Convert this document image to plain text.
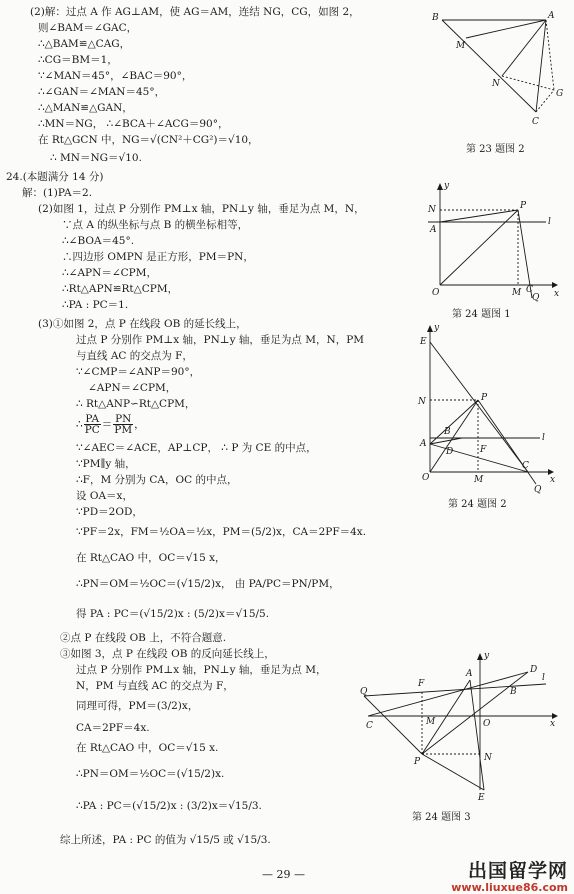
(2)解：过点 A 作 AG⊥AM，使 AG＝AM，连结 NG，CG，如图 2，
则∠BAM＝∠GAC，
∴△BAM≌△CAG，
∴CG＝BM＝1，
∵∠MAN＝45°，∠BAC＝90°，
∴∠GAN＝∠MAN＝45°，
∴△MAN≌△GAN，
∴MN＝NG， ∴∠BCA＋∠ACG＝90°，
在 Rt△GCN 中，NG＝√(CN²＋CG²)＝√10，
∴ MN＝NG＝√10.
B	A
M
N
C
G
第 23 题图 2
24.(本题满分 14 分)
解：(1)PA＝2.
(2)如图 1，过点 P 分别作 PM⊥x 轴，PN⊥y 轴，垂足为点 M，N，
∵点 A 的纵坐标与点 B 的横坐标相等，
∴∠BOA＝45°.
∴四边形 OMPN 是正方形，PM＝PN，
∴∠APN＝∠CPM，
∴Rt△APN≌Rt△CPM，
∴PA : PC＝1.
y
N	P
A
l
O	M C x
Q
第 24 题图 1
(3)①如图 2，点 P 在线段 OB 的延长线上，
过点 P 分别作 PM⊥x 轴，PN⊥y 轴，垂足为点 M，N，PM
与直线 AC 的交点为 F，
∵∠CMP＝∠ANP＝90°，
∠APN＝∠CPM，
∴ Rt△ANP∽Rt△CPM，
∴ $\frac{PA}{PC} = \frac{PN}{PM}$ ，
∵∠AEC＝∠ACE，AP⊥CP， ∴ P 为 CE 的中点，
∵PM∥y 轴，
∴F，M 分别为 CA，OC 的中点，
设 OA＝x，
∵PD＝2OD，
∵PF＝2x，FM＝½OA＝½x，PM＝(5/2)x，CA＝2PF＝4x.
在 Rt△CAO 中，OC＝√15 x，
∴PN＝OM＝½OC＝(√15/2)x， 由 PA/PC＝PN/PM，
得 PA : PC＝(√15/2)x : (5/2)x＝√15/5.
y
E
N	P
B
A
D	F
l
O	M
C
x
Q
第 24 题图 2
②点 P 在线段 OB 上，不符合题意.
③如图 3，点 P 在线段 OB 的反向延长线上，
过点 P 分别作 PM⊥x 轴，PN⊥y 轴，垂足为点 M，
N，PM 与直线 AC 的交点为 F，
同理可得，PM＝(3/2)x，
CA＝2PF＝4x.
在 Rt△CAO 中，OC＝√15 x.
∴PN＝OM＝½OC＝(√15/2)x.
∴PA : PC＝(√15/2)x : (3/2)x＝√15/3.
综上所述，PA : PC 的值为 √15/5 或 √15/3.
Q
F
A	D
B
l
C	M	O	x
P	N
E
y
第 24 题图 3
— 29 —	出国留学网
www.liuxue86.com
